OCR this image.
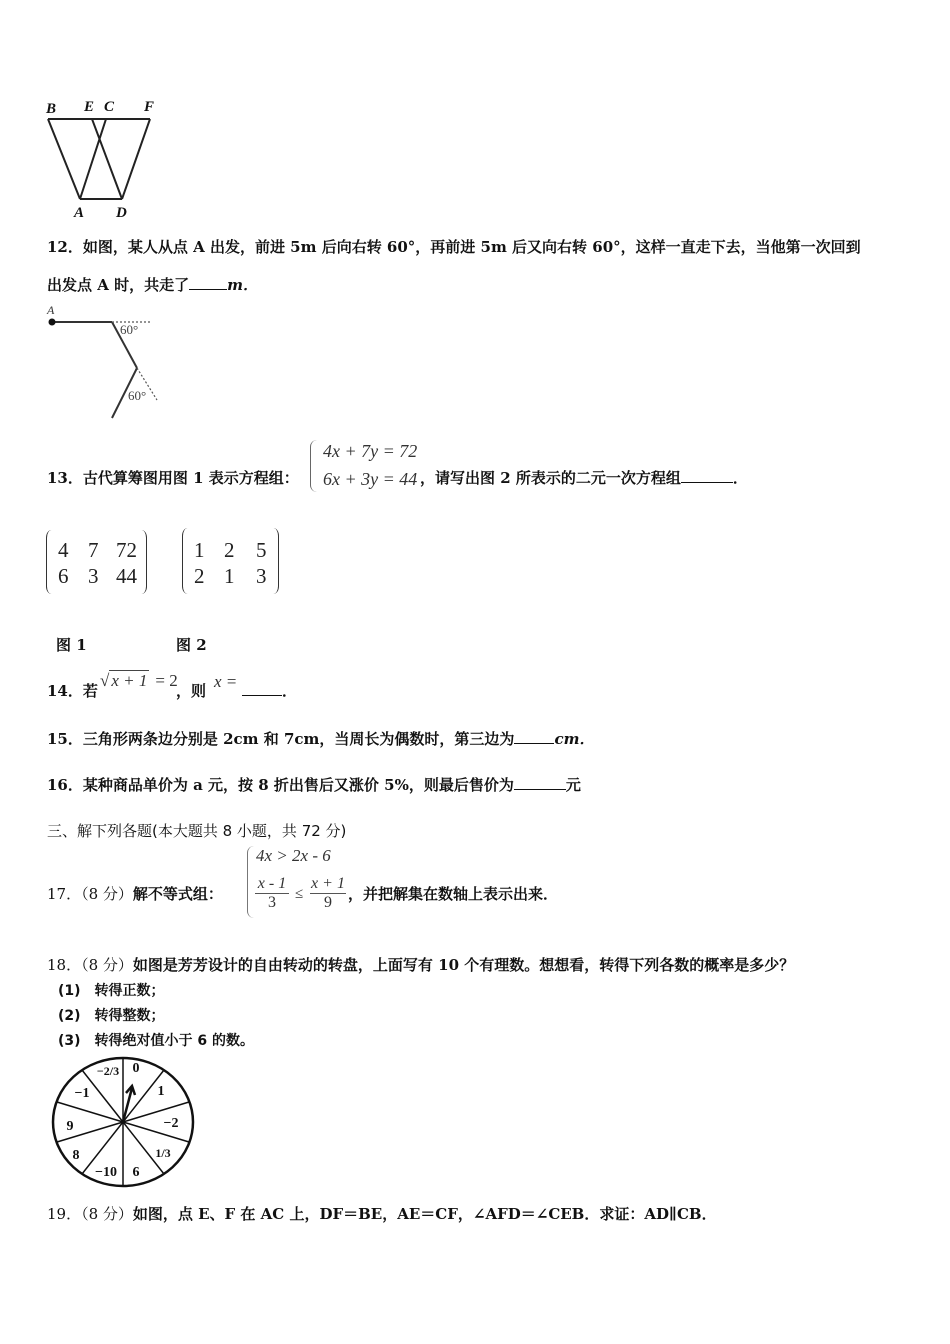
B E C F
A D
12．如图，某人从点 A 出发，前进 5m 后向右转 60°，再前进 5m 后又向右转 60°，这样一直走下去，当他第一次回到
出发点 A 时，共走了	m．
A
60°
60°
13．古代算筹图用图 1 表示方程组：
4x + 7y = 72
6x + 3y = 44 ，请写出图 2 所表示的二元一次方程组	．
4 7 72
6 3 44
1 2 5
2 1 3
图 1	图 2
14．若
√ x + 1 = 2
，则 x =	．
15．三角形两条边分别是 2cm 和 7cm，当周长为偶数时，第三边为	cm．
16．某种商品单价为 a 元，按 8 折出售后又涨价 5%，则最后售价为	元
三、解下列各题(本大题共 8 小题，共 72 分)
17．（8 分）解不等式组：
4x > 2x - 6
$\frac{x - 1}{3} \le \frac{x + 1}{9}$ ，并把解集在数轴上表示出来．
18．（8 分）如图是芳芳设计的自由转动的转盘，上面写有 10 个有理数。想想看，转得下列各数的概率是多少？
(1)　转得正数；
(2)　转得整数；
(3)　转得绝对值小于 6 的数。
0
1
−2
1/3
6
−10
8
9
−1
−2/3
19．（8 分）如图，点 E、F 在 AC 上，DF＝BE，AE＝CF，∠AFD＝∠CEB．求证：AD∥CB．
